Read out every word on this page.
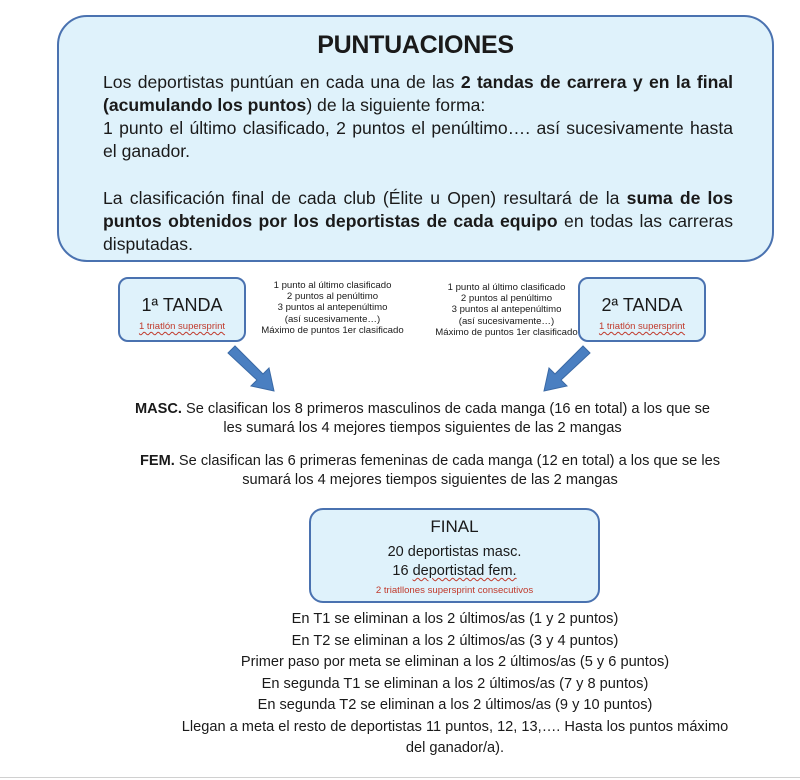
PUNTUACIONES
Los deportistas puntúan en cada una de las 2 tandas de carrera y en la final (acumulando los puntos) de la siguiente forma:
1 punto el último clasificado, 2 puntos el penúltimo…. así sucesivamente hasta el ganador.
La clasificación final de cada club (Élite u Open) resultará de la suma de los puntos obtenidos por los deportistas de cada equipo en todas las carreras disputadas.
1ª TANDA
1 triatlón supersprint
1 punto al último clasificado
2 puntos al penúltimo
3 puntos al antepenúltimo
(así sucesivamente…)
Máximo de puntos 1er clasificado
1 punto al último clasificado
2 puntos al penúltimo
3 puntos al antepenúltimo
(así sucesivamente…)
Máximo de puntos 1er clasificado
2ª TANDA
1 triatlón supersprint
MASC. Se clasifican los 8 primeros masculinos de cada manga (16 en total) a los que se les sumará los 4 mejores tiempos siguientes de las 2 mangas
FEM. Se clasifican las 6 primeras femeninas de cada manga (12 en total) a los que se les sumará los 4 mejores tiempos siguientes de las 2 mangas
FINAL
20 deportistas masc.
16 deportistad fem.
2 triatllones supersprint consecutivos
En T1 se eliminan a los 2 últimos/as (1 y 2 puntos)
En T2 se eliminan a los 2 últimos/as (3 y 4 puntos)
Primer paso por meta se eliminan a los 2 últimos/as (5 y 6 puntos)
En segunda T1 se eliminan a los 2 últimos/as (7 y 8 puntos)
En segunda T2 se eliminan a los 2 últimos/as (9 y 10 puntos)
Llegan a meta el resto de deportistas 11 puntos, 12, 13,…. Hasta los puntos máximo del ganador/a).
